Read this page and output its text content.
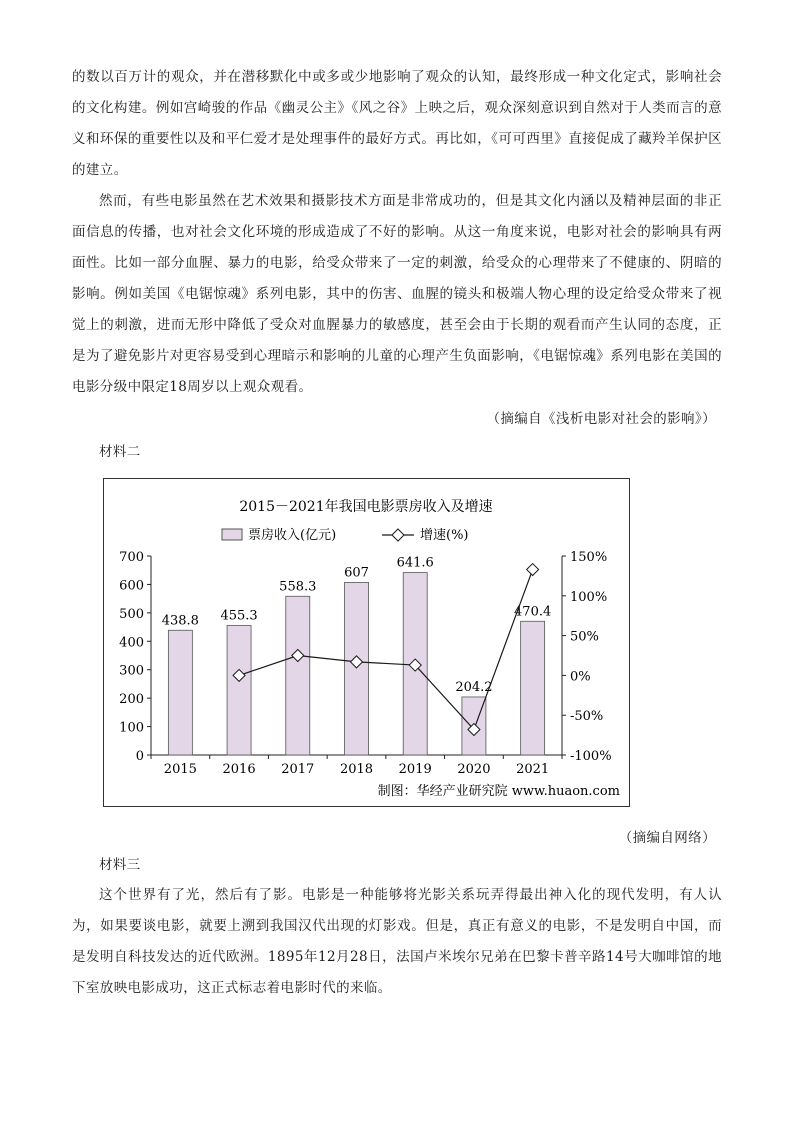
的数以百万计的观众，并在潜移默化中或多或少地影响了观众的认知，最终形成一种文化定式，影响社会的文化构建。例如宫崎骏的作品《幽灵公主》《风之谷》上映之后，观众深刻意识到自然对于人类而言的意义和环保的重要性以及和平仁爱才是处理事件的最好方式。再比如，《可可西里》直接促成了藏羚羊保护区的建立。
然而，有些电影虽然在艺术效果和摄影技术方面是非常成功的，但是其文化内涵以及精神层面的非正面信息的传播，也对社会文化环境的形成造成了不好的影响。从这一角度来说，电影对社会的影响具有两面性。比如一部分血腥、暴力的电影，给受众带来了一定的刺激，给受众的心理带来了不健康的、阴暗的影响。例如美国《电锯惊魂》系列电影，其中的伤害、血腥的镜头和极端人物心理的设定给受众带来了视觉上的刺激，进而无形中降低了受众对血腥暴力的敏感度，甚至会由于长期的观看而产生认同的态度，正是为了避免影片对更容易受到心理暗示和影响的儿童的心理产生负面影响，《电锯惊魂》系列电影在美国的电影分级中限定18周岁以上观众观看。
（摘编自《浅析电影对社会的影响》）
材料二
2015－2021年我国电影票房收入及增速
票房收入(亿元)	增速(%)
0
100
200
300
400
500
600
700
-100%
-50%
0%
50%
100%
150%
2015 2016 2017 2018 2019 2020 2021
438.8 455.3
558.3
607
641.6
204.2
470.4
制图：华经产业研究院 www.huaon.com
（摘编自网络）
材料三
这个世界有了光，然后有了影。电影是一种能够将光影关系玩弄得最出神入化的现代发明，有人认为，如果要谈电影，就要上溯到我国汉代出现的灯影戏。但是，真正有意义的电影，不是发明自中国，而是发明自科技发达的近代欧洲。1895年12月28日，法国卢米埃尔兄弟在巴黎卡普辛路14号大咖啡馆的地下室放映电影成功，这正式标志着电影时代的来临。
